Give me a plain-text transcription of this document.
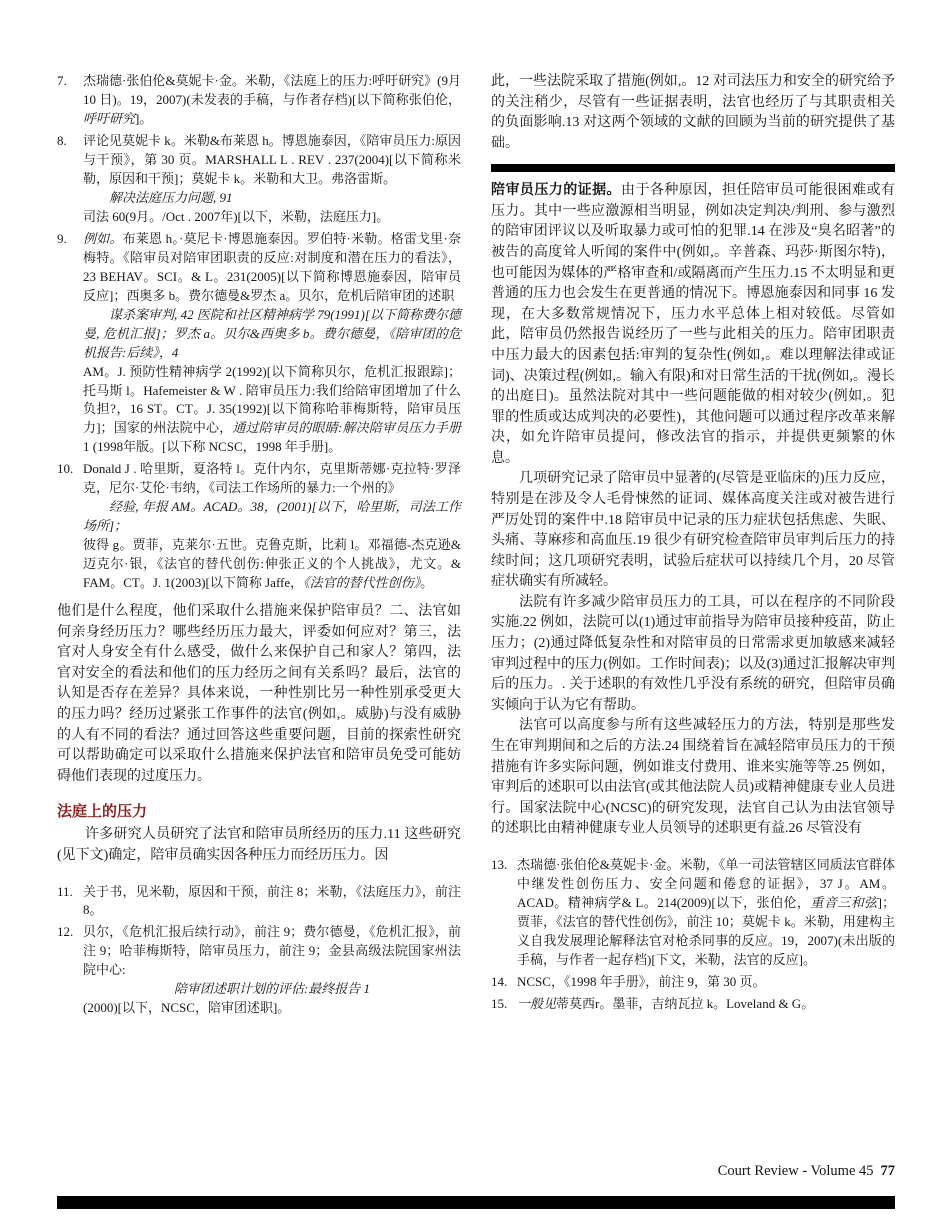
7.	杰瑞德·张伯伦&莫妮卡·金。米勒，《法庭上的压力:呼吁研究》(9月 10 日)。19，2007)(未发表的手稿，与作者存档)[以下简称张伯伦，呼吁研究]。
8.	评论见莫妮卡 k。米勒&布莱恩 h。博恩施泰因，《陪审员压力:原因与干预》，第 30 页。MARSHALL L . REV . 237(2004)[以下简称米勒，原因和干预]；莫妮卡 k。米勒和大卫。弗洛雷斯。
解决法庭压力问题, 91
司法 60(9月。/Oct . 2007年)[以下，米勒，法庭压力]。
9.	例如。布莱恩 h。·莫尼卡·博恩施泰因。罗伯特·米勒。格雷戈里·奈梅特。《陪审员对陪审团职责的反应:对制度和潜在压力的看法》，23 BEHAV。SCI。& L。231(2005)[以下简称博恩施泰因，陪审员反应]；西奥多 b。费尔德曼&罗杰 a。贝尔，危机后陪审团的述职
谋杀案审判, 42 医院和社区精神病学 79(1991)[以下简称费尔德曼, 危机汇报]；罗杰 a。贝尔&西奥多 b。费尔德曼，《陪审团的危机报告:后续》，4
AM。J. 预防性精神病学 2(1992)[以下简称贝尔，危机汇报跟踪]；托马斯 l。Hafemeister & W . 陪审员压力:我们给陪审团增加了什么负担?，16 ST。CT。J. 35(1992)[以下简称哈菲梅斯特，陪审员压力]；国家的州法院中心，通过陪审员的眼睛:解决陪审员压力手册 1 (1998年版。[以下称 NCSC，1998 年手册]。
10. Donald J . 哈里斯，夏洛特 l。克什内尔，克里斯蒂娜·克拉特·罗泽克，尼尔·艾伦·韦纳，《司法工作场所的暴力:一个州的》
经验, 年报 AM。ACAD。38，(2001)[以下，哈里斯，司法工作场所]；
彼得 g。贾菲，克莱尔·五世。克鲁克斯，比莉 l。邓福德-杰克逊&迈克尔·银，《法官的替代创伤:伸张正义的个人挑战》，尤文。& FAM。CT。J. 1(2003)[以下简称 Jaffe，《法官的替代性创伤》。

他们是什么程度，他们采取什么措施来保护陪审员？二、法官如何亲身经历压力？哪些经历压力最大，评委如何应对？第三，法官对人身安全有什么感受，做什么来保护自己和家人？第四，法官对安全的看法和他们的压力经历之间有关系吗？最后，法官的认知是否存在差异？具体来说，一种性别比另一种性别承受更大的压力吗？经历过紧张工作事件的法官(例如,。威胁)与没有威胁的人有不同的看法？通过回答这些重要问题，目前的探索性研究可以帮助确定可以采取什么措施来保护法官和陪审员免受可能妨碍他们表现的过度压力。

法庭上的压力

许多研究人员研究了法官和陪审员所经历的压力.11 这些研究(见下文)确定，陪审员确实因各种压力而经历压力。因

11. 关于书，见米勒，原因和干预，前注 8；米勒，《法庭压力》，前注 8。
12. 贝尔，《危机汇报后续行动》，前注 9；费尔德曼，《危机汇报》，前注 9；哈菲梅斯特，陪审员压力，前注 9；金县高级法院国家州法院中心:
陪审团述职计划的评估:最终报告 1
(2000)[以下，NCSC，陪审团述职]。

此，一些法院采取了措施(例如,。12 对司法压力和安全的研究给予的关注稍少，尽管有一些证据表明，法官也经历了与其职责相关的负面影响.13 对这两个领域的文献的回顾为当前的研究提供了基础。

陪审员压力的证据。由于各种原因，担任陪审员可能很困难或有压力。其中一些应激源相当明显，例如决定判决/判刑、参与激烈的陪审团评议以及听取暴力或可怕的犯罪.14 在涉及“臭名昭著”的被告的高度耸人听闻的案件中(例如,。辛普森、玛莎·斯图尔特)，也可能因为媒体的严格审查和/或隔离而产生压力.15 不太明显和更普通的压力也会发生在更普通的情况下。博恩施泰因和同事 16 发现，在大多数常规情况下，压力水平总体上相对较低。尽管如此，陪审员仍然报告说经历了一些与此相关的压力。陪审团职责中压力最大的因素包括:审判的复杂性(例如,。难以理解法律或证词)、决策过程(例如,。输入有限)和对日常生活的干扰(例如,。漫长的出庭日)。虽然法院对其中一些问题能做的相对较少(例如,。犯罪的性质或达成判决的必要性)，其他问题可以通过程序改革来解决，如允许陪审员提问，修改法官的指示，并提供更频繁的休息。

几项研究记录了陪审员中显著的(尽管是亚临床的)压力反应，特别是在涉及令人毛骨悚然的证词、媒体高度关注或对被告进行严厉处罚的案件中.18 陪审员中记录的压力症状包括焦虑、失眠、头痛、荨麻疹和高血压.19 很少有研究检查陪审员审判后压力的持续时间；这几项研究表明，试验后症状可以持续几个月，20 尽管症状确实有所减轻。

法院有许多减少陪审员压力的工具，可以在程序的不同阶段实施.22 例如，法院可以(1)通过审前指导为陪审员接种疫苗，防止压力；(2)通过降低复杂性和对陪审员的日常需求更加敏感来减轻审判过程中的压力(例如。工作时间表)；以及(3)通过汇报解决审判后的压力。. 关于述职的有效性几乎没有系统的研究，但陪审员确实倾向于认为它有帮助。

法官可以高度参与所有这些减轻压力的方法，特别是那些发生在审判期间和之后的方法.24 围绕着旨在减轻陪审员压力的干预措施有许多实际问题，例如谁支付费用、谁来实施等等.25 例如，审判后的述职可以由法官(或其他法院人员)或精神健康专业人员进行。国家法院中心(NCSC)的研究发现，法官自己认为由法官领导的述职比由精神健康专业人员领导的述职更有益.26 尽管没有

13. 杰瑞德·张伯伦&莫妮卡·金。米勒，《单一司法管辖区同质法官群体中继发性创伤压力、安全问题和倦怠的证据》，37 J。AM。ACAD。精神病学& L。214(2009)[以下，张伯伦，重音三和弦]；贾菲，《法官的替代性创伤》，前注 10；莫妮卡 k。米勒，用建构主义自我发展理论解释法官对枪杀同事的反应。19，2007)(未出版的手稿，与作者一起存档)[下文，米勒，法官的反应]。
14. NCSC，《1998 年手册》，前注 9，第 30 页。
15. 一般见蒂莫西r。墨菲，吉纳瓦拉 k。Loveland & G。
Court Review - Volume 45 77
